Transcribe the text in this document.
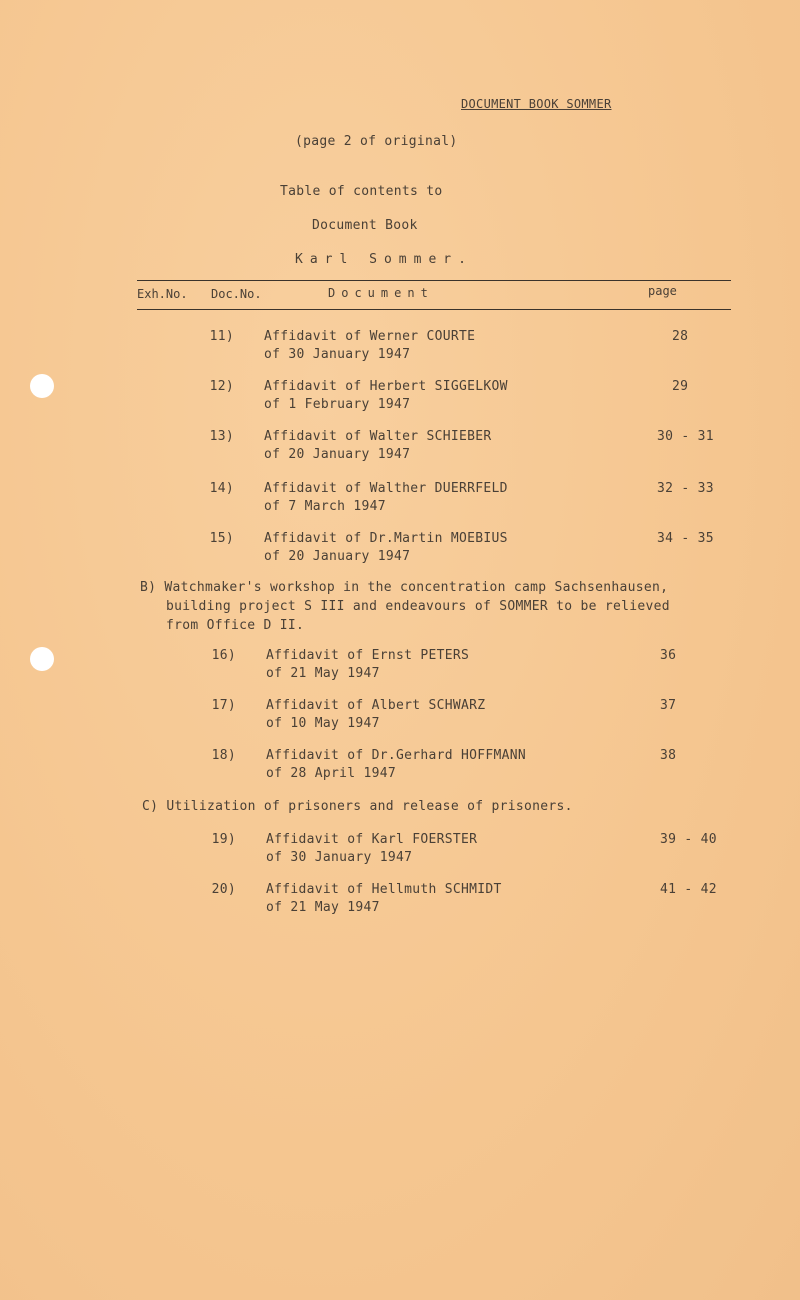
DOCUMENT BOOK SOMMER
(page 2 of original)
Table of contents to
Document Book
Karl Sommer.
Exh.No. Doc.No.	Document	page
11) Affidavit of Werner COURTE
of 30 January 1947
28
12) Affidavit of Herbert SIGGELKOW
of 1 February 1947
29
13) Affidavit of Walter SCHIEBER
of 20 January 1947
30 - 31
14) Affidavit of Walther DUERRFELD
of 7 March 1947
32 - 33
15) Affidavit of Dr.Martin MOEBIUS
of 20 January 1947
34 - 35
B) Watchmaker's workshop in the concentration camp Sachsenhausen,
building project S III and endeavours of SOMMER to be relieved
from Office D II.
16) Affidavit of Ernst PETERS
of 21 May 1947
36
17) Affidavit of Albert SCHWARZ
of 10 May 1947
37
18) Affidavit of Dr.Gerhard HOFFMANN
of 28 April 1947
38
C) Utilization of prisoners and release of prisoners.
19) Affidavit of Karl FOERSTER
of 30 January 1947
39 - 40
20) Affidavit of Hellmuth SCHMIDT
of 21 May 1947
41 - 42
